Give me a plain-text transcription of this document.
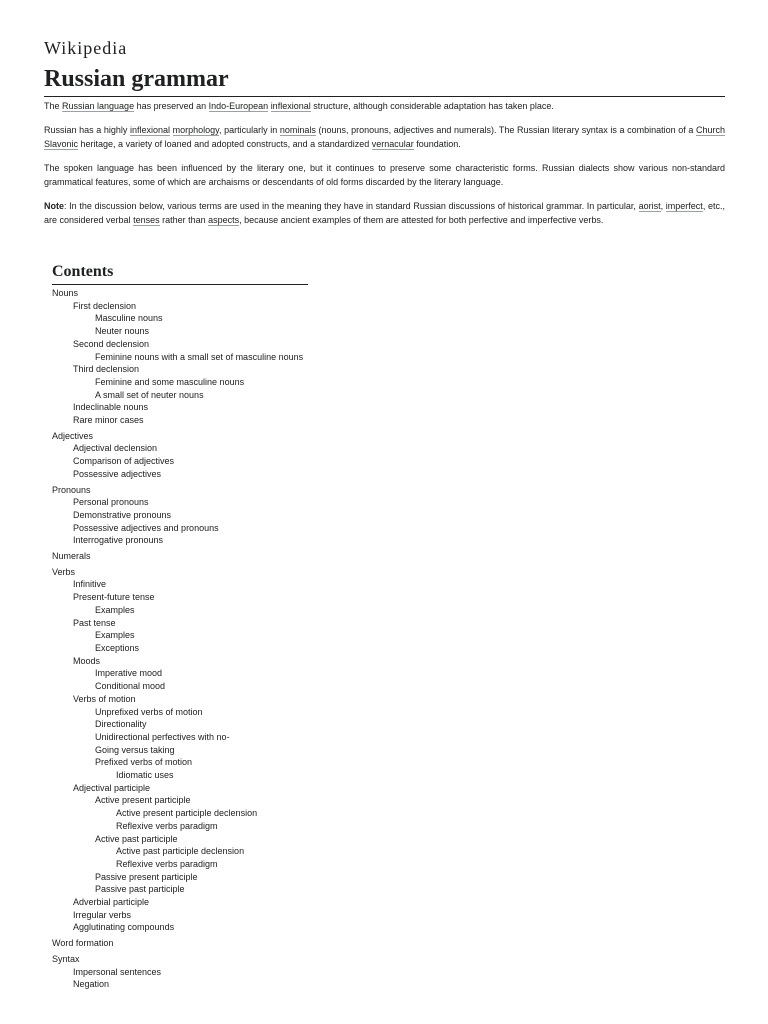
Wikipedia
Russian grammar

The Russian language has preserved an Indo-European inflexional structure, although considerable adaptation has taken place.

Russian has a highly inflexional morphology, particularly in nominals (nouns, pronouns, adjectives and numerals). The Russian literary syntax is a combination of a Church Slavonic heritage, a variety of loaned and adopted constructs, and a standardized vernacular foundation.

The spoken language has been influenced by the literary one, but it continues to preserve some characteristic forms. Russian dialects show various non-standard grammatical features, some of which are archaisms or descendants of old forms discarded by the literary language.

Note: In the discussion below, various terms are used in the meaning they have in standard Russian discussions of historical grammar. In particular, aorist, imperfect, etc., are considered verbal tenses rather than aspects, because ancient examples of them are attested for both perfective and imperfective verbs.

Contents
Nouns
First declension
Masculine nouns
Neuter nouns
Second declension
Feminine nouns with a small set of masculine nouns
Third declension
Feminine and some masculine nouns
A small set of neuter nouns
Indeclinable nouns
Rare minor cases
Adjectives
Adjectival declension
Comparison of adjectives
Possessive adjectives
Pronouns
Personal pronouns
Demonstrative pronouns
Possessive adjectives and pronouns
Interrogative pronouns
Numerals
Verbs
Infinitive
Present-future tense
Examples
Past tense
Examples
Exceptions
Moods
Imperative mood
Conditional mood
Verbs of motion
Unprefixed verbs of motion
Directionality
Unidirectional perfectives with no-
Going versus taking
Prefixed verbs of motion
Idiomatic uses
Adjectival participle
Active present participle
Active present participle declension
Reflexive verbs paradigm
Active past participle
Active past participle declension
Reflexive verbs paradigm
Passive present participle
Passive past participle
Adverbial participle
Irregular verbs
Agglutinating compounds
Word formation
Syntax
Impersonal sentences
Negation
